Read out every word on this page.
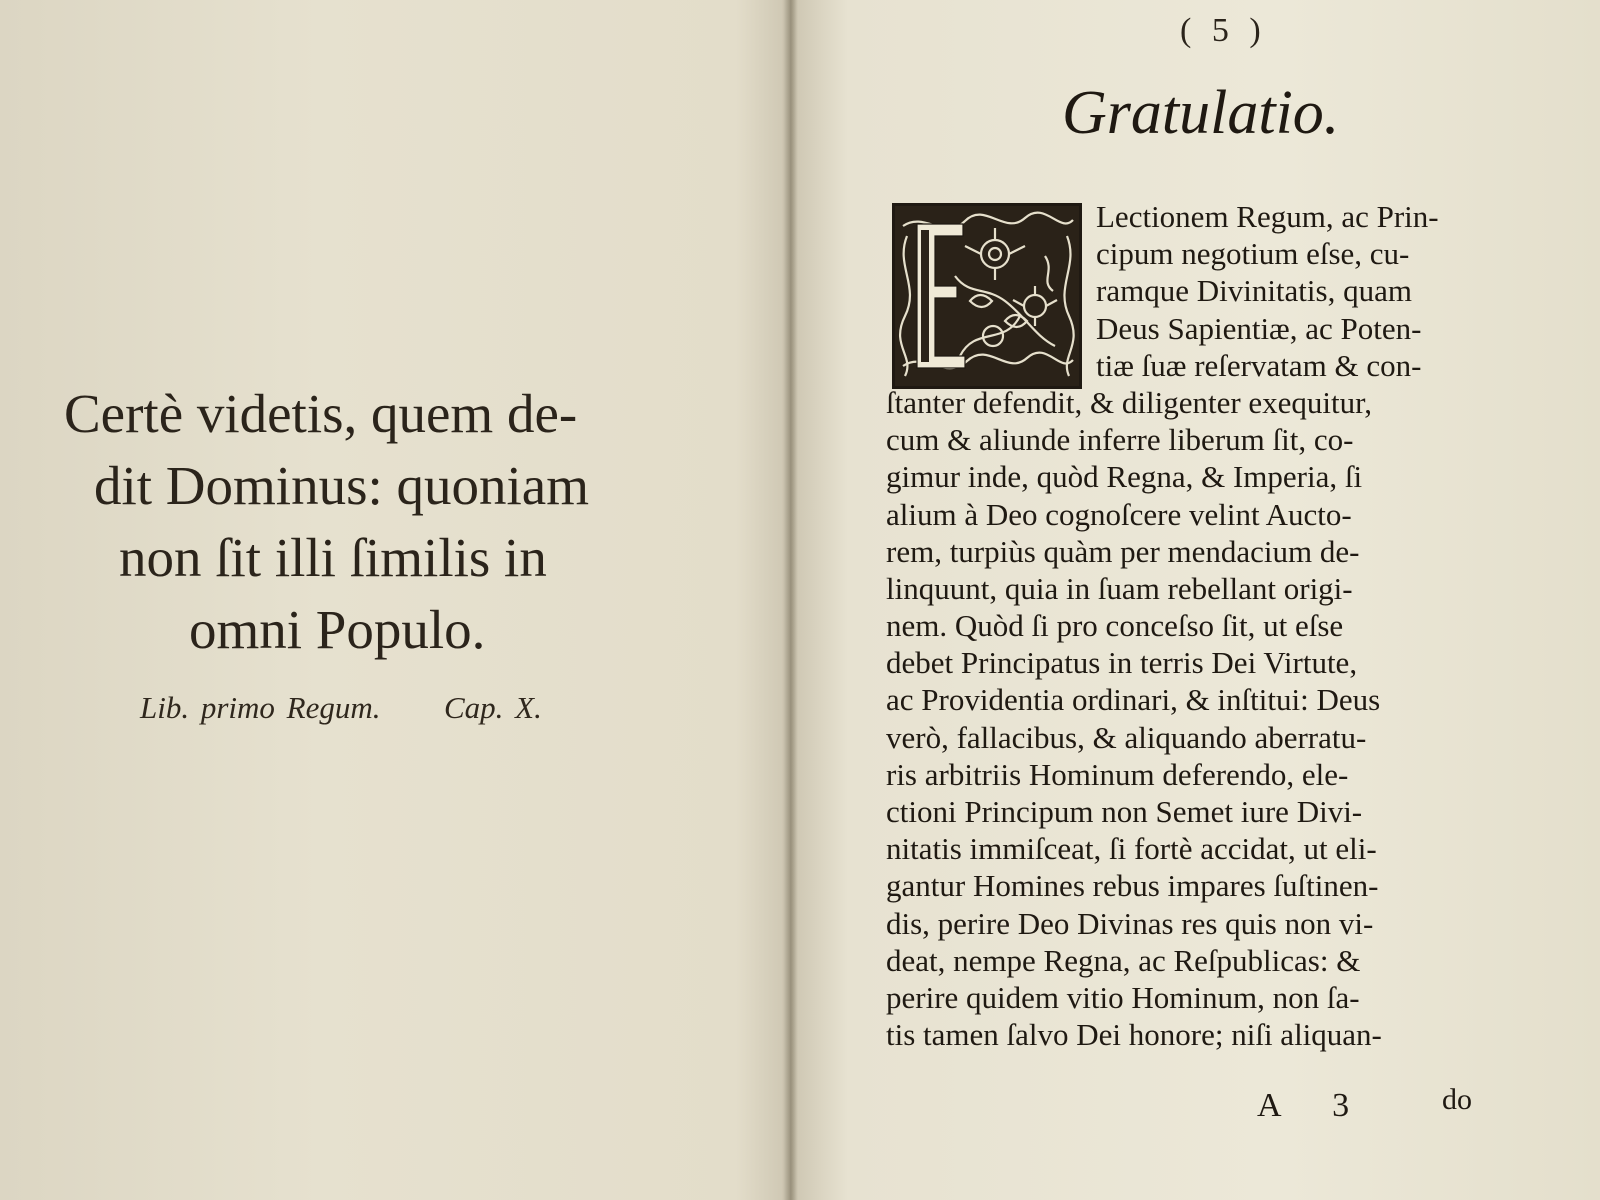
Certè videtis, quem de-
dit Dominus: quoniam
non ſit illi ſimilis in
omni Populo.
Lib. primo Regum. Cap. X.
( 5 )
Gratulatio.
Lectionem Regum, ac Prin-
cipum negotium eſse, cu-
ramque Divinitatis, quam
Deus Sapientiæ, ac Poten-
tiæ ſuæ reſervatam & con-
ſtanter defendit, & diligenter exequitur,
cum & aliunde inferre liberum ſit, co-
gimur inde, quòd Regna, & Imperia, ſi
alium à Deo cognoſcere velint Aucto-
rem, turpiùs quàm per mendacium de-
linquunt, quia in ſuam rebellant origi-
nem. Quòd ſi pro conceſso ſit, ut eſse
debet Principatus in terris Dei Virtute,
ac Providentia ordinari, & inſtitui: Deus
verò, fallacibus, & aliquando aberratu-
ris arbitriis Hominum deferendo, ele-
ctioni Principum non Semet iure Divi-
nitatis immiſceat, ſi fortè accidat, ut eli-
gantur Homines rebus impares ſuſtinen-
dis, perire Deo Divinas res quis non vi-
deat, nempe Regna, ac Reſpublicas: &
perire quidem vitio Hominum, non ſa-
tis tamen ſalvo Dei honore; niſi aliquan-
A 3 do
